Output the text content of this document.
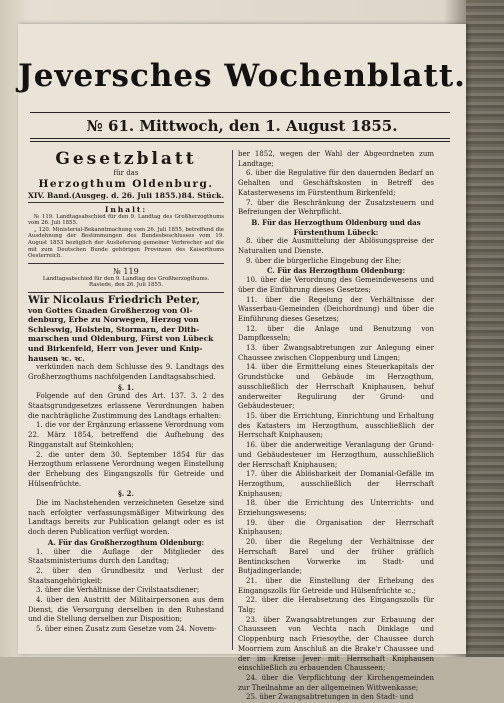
Jeversches Wochenblatt.
№ 61. Mittwoch, den 1. August 1855.
Gesetzblatt
für das
Herzogthum Oldenburg.
XIV. Band. (Ausgeg. d. 26. Juli 1855.) 84. Stück.
Inhalt:

№ 119. Landtagsabschied für den 9. Landtag des Großherzogthums vom 26. Juli 1855.

„ 120. Ministerial-Bekanntmachung vom 26. Juli 1855, betreffend die Ausdehnung der Bestimmungen des Bundesbeschlusses vom 19. August 1853 bezüglich der Auslieferung gemeiner Verbrecher auf die mit zum Deutschen Bunde gehörigen Provinzen des Kaiserthums Oesterreich.

№ 119

Landtagsabschied für den 9. Landtag des Großherzogthums.

Rastede, den 26. Juli 1855.

Wir Nicolaus Friedrich Peter,
von Gottes Gnaden Großherzog von Ol-
denburg, Erbe zu Norwegen, Herzog von
Schleswig, Holstein, Stormarn, der Dith-
marschen und Oldenburg, Fürst von Lübeck
und Birkenfeld, Herr von Jever und Knip-
hausen ꝛc. ꝛc.

verkünden nach dem Schlusse des 9. Landtags des Großherzogthums nachfolgenden Landtagsabschied.

§. 1.

Folgende auf den Grund des Art. 137. 3. 2 des Staatsgrundgesetzes erlassene Verordnungen haben die nachträgliche Zustimmung des Landtags erhalten:

1. die vor der Ergänzung erlassene Verordnung vom 22. März 1854, betreffend die Aufhebung des Ringganstalt auf Steinkohlen;

2. die unter dem 30. September 1854 für das Herzogthum erlassene Verordnung wegen Einstellung der Erhebung des Eingangszolls für Getreide und Hülsenfrüchte.

§. 2.

Die im Nachstehenden verzeichneten Gesetze sind nach erfolgter verfassungsmäßiger Mitwirkung des Landtags bereits zur Publication gelangt oder es ist doch deren Publication verfügt worden.

A. Für das Großherzogthum Oldenburg:

1. über die Auflage der Mitglieder des Staatsministeriums durch den Landtag;

2. über den Grundbesitz und Verlust der Staatsangehörigkeit;

3. über die Verhältnisse der Civilstaatsdiener;

4. über den Austritt der Militairpersonen aus dem Dienst, die Versorgung derselben in den Ruhestand und die Stellung derselben zur Disposition;

5. über einen Zusatz zum Gesetze vom 24. Novem-

ber 1852, wegen der Wahl der Abgeordneten zum Landtage;

6. über die Regulative für den dauernden Bedarf an Gehalten und Geschäftskosten in Betreff des Katasterwesens im Fürstenthum Birkenfeld;

7. über die Beschränkung der Zusatzsteuern und Befreiungen der Wehrpflicht.

B. Für das Herzogthum Oldenburg und das Fürstenthum Lübeck:

8. über die Ausmittelung der Ablösungspreise der Naturalien und Dienste.

9. über die bürgerliche Eingebung der Ehe;

C. Für das Herzogthum Oldenburg:

10. über die Verordnung des Gemeindewesens und über die Einführung dieses Gesetzes;

11. über die Regelung der Verhältnisse der Wasserbau-Gemeinden (Deichordnung) und über die Einführung dieses Gesetzes;

12. über die Anlage und Benutzung von Dampfkesseln;

13. über Zwangsabtretungen zur Anlegung einer Chaussee zwischen Cloppenburg und Lingen;

14. über die Ermittelung eines Steuerkapitals der Grundstücke und Gebäude im Herzogthum, ausschließlich der Herrschaft Kniphausen, behuf anderweiter Regulirung der Grund- und Gebäudesteuer;

15. über die Errichtung, Einrichtung und Erhaltung des Katasters im Herzogthum, ausschließlich der Herrschaft Kniphausen;

16. über die anderweitige Veranlagung der Grund- und Gebäudesteuer im Herzogthum, ausschließlich der Herrschaft Kniphausen;

17. über die Ablösbarkeit der Domanial-Gefälle im Herzogthum, ausschließlich der Herrschaft Kniphausen;

18. über die Errichtung des Unterrichts- und Erziehungswesens;

19. über die Organisation der Herrschaft Kniphausen;

20. über die Regelung der Verhältnisse der Herrschaft Barel und der früher gräflich Bentinckschen Vorwerke im Stadt- und Butjadingerlande;

21. über die Einstellung der Erhebung des Eingangszolls für Getreide und Hülsenfrüchte ꝛc.;

22. über die Herabsetzung des Eingangszolls für Talg;

23. über Zwangsabtretungen zur Erbauung der Chausseen von Vechta nach Dinklage und Cloppenburg nach Friesoythe, der Chaussee durch Moorriem zum Anschluß an die Brake'r Chaussee und der im Kreise Jever mit Herrschaft Kniphausen einschließlich zu erbauenden Chausseen;

24. über die Verpflichtung der Kirchengemeinden zur Theilnahme an der allgemeinen Wittwenkasse;

25. über Zwangsabtretungen in den Stadt- und
